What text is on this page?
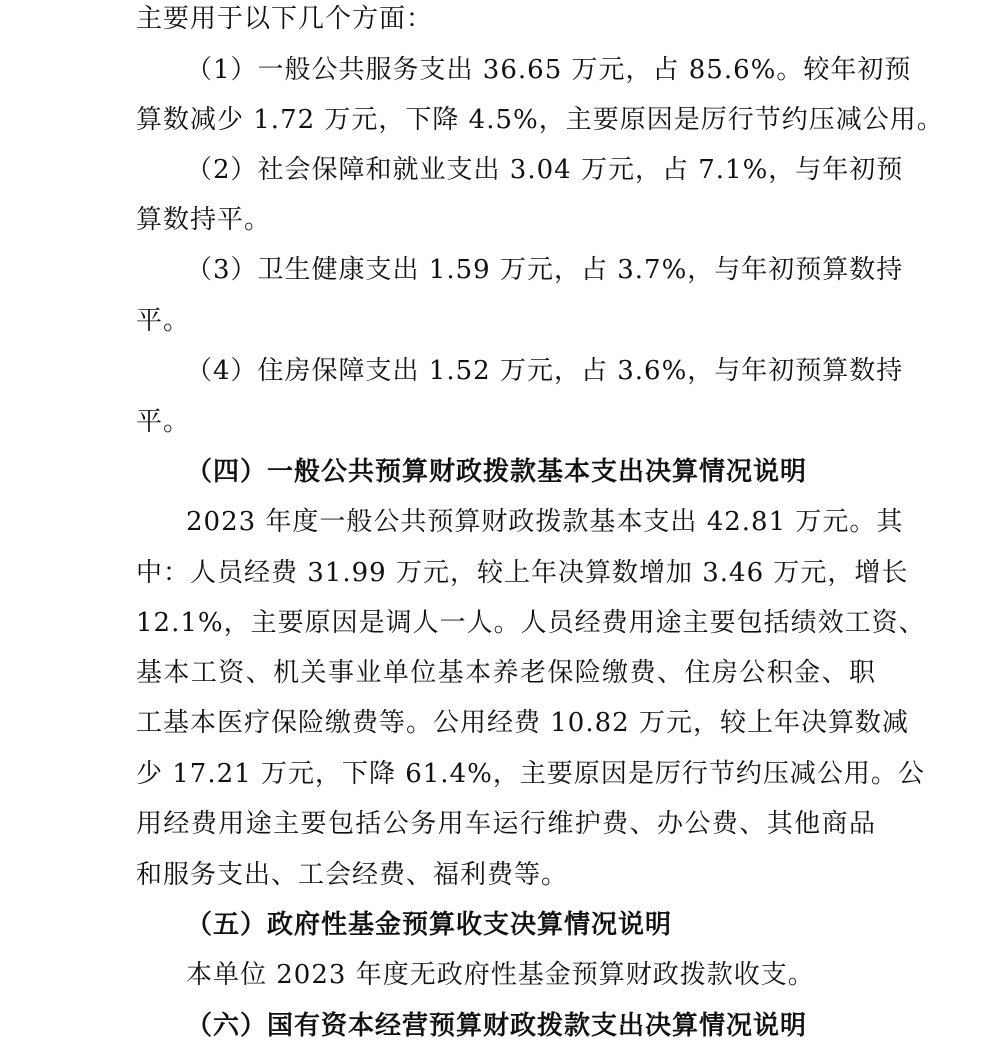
主要用于以下几个方面：
（1）一般公共服务支出 36.65 万元，占 85.6%。较年初预
算数减少 1.72 万元，下降 4.5%，主要原因是厉行节约压减公用。
（2）社会保障和就业支出 3.04 万元，占 7.1%，与年初预
算数持平。
（3）卫生健康支出 1.59 万元，占 3.7%，与年初预算数持
平。
（4）住房保障支出 1.52 万元，占 3.6%，与年初预算数持
平。
（四）一般公共预算财政拨款基本支出决算情况说明
2023 年度一般公共预算财政拨款基本支出 42.81 万元。其
中：人员经费 31.99 万元，较上年决算数增加 3.46 万元，增长
12.1%，主要原因是调人一人。人员经费用途主要包括绩效工资、
基本工资、机关事业单位基本养老保险缴费、住房公积金、职
工基本医疗保险缴费等。公用经费 10.82 万元，较上年决算数减
少 17.21 万元，下降 61.4%，主要原因是厉行节约压减公用。公
用经费用途主要包括公务用车运行维护费、办公费、其他商品
和服务支出、工会经费、福利费等。
（五）政府性基金预算收支决算情况说明
本单位 2023 年度无政府性基金预算财政拨款收支。
（六）国有资本经营预算财政拨款支出决算情况说明
